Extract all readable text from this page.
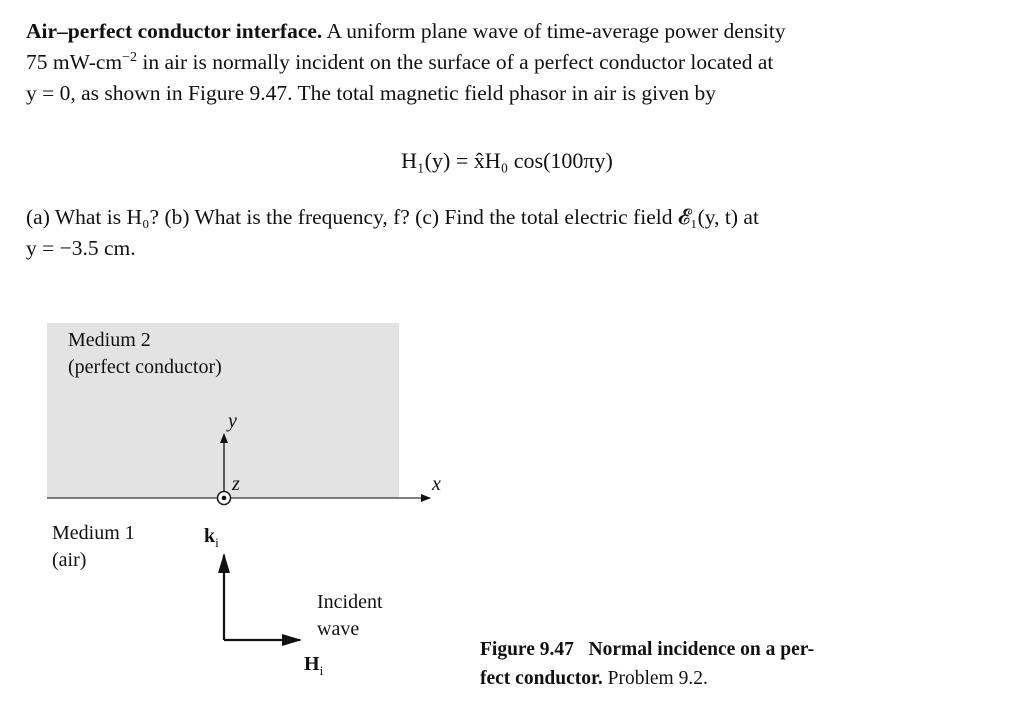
Air–perfect conductor interface. A uniform plane wave of time-average power density
75 $mW-cm^{-2}$ in air is normally incident on the surface of a perfect conductor located at
y = 0, as shown in Figure 9.47. The total magnetic field phasor in air is given by
H₁(y) = x̂H₀ cos(100πy)
(a) What is H₀? (b) What is the frequency, f? (c) Find the total electric field 𝓔₁(y, t) at
y = −3.5 cm.
Medium 2
(perfect conductor)
y
z	x
Medium 1
(air)
$k_i$
Incident
wave
$H_i$
Figure 9.47 Normal incidence on a per-
fect conductor. Problem 9.2.
